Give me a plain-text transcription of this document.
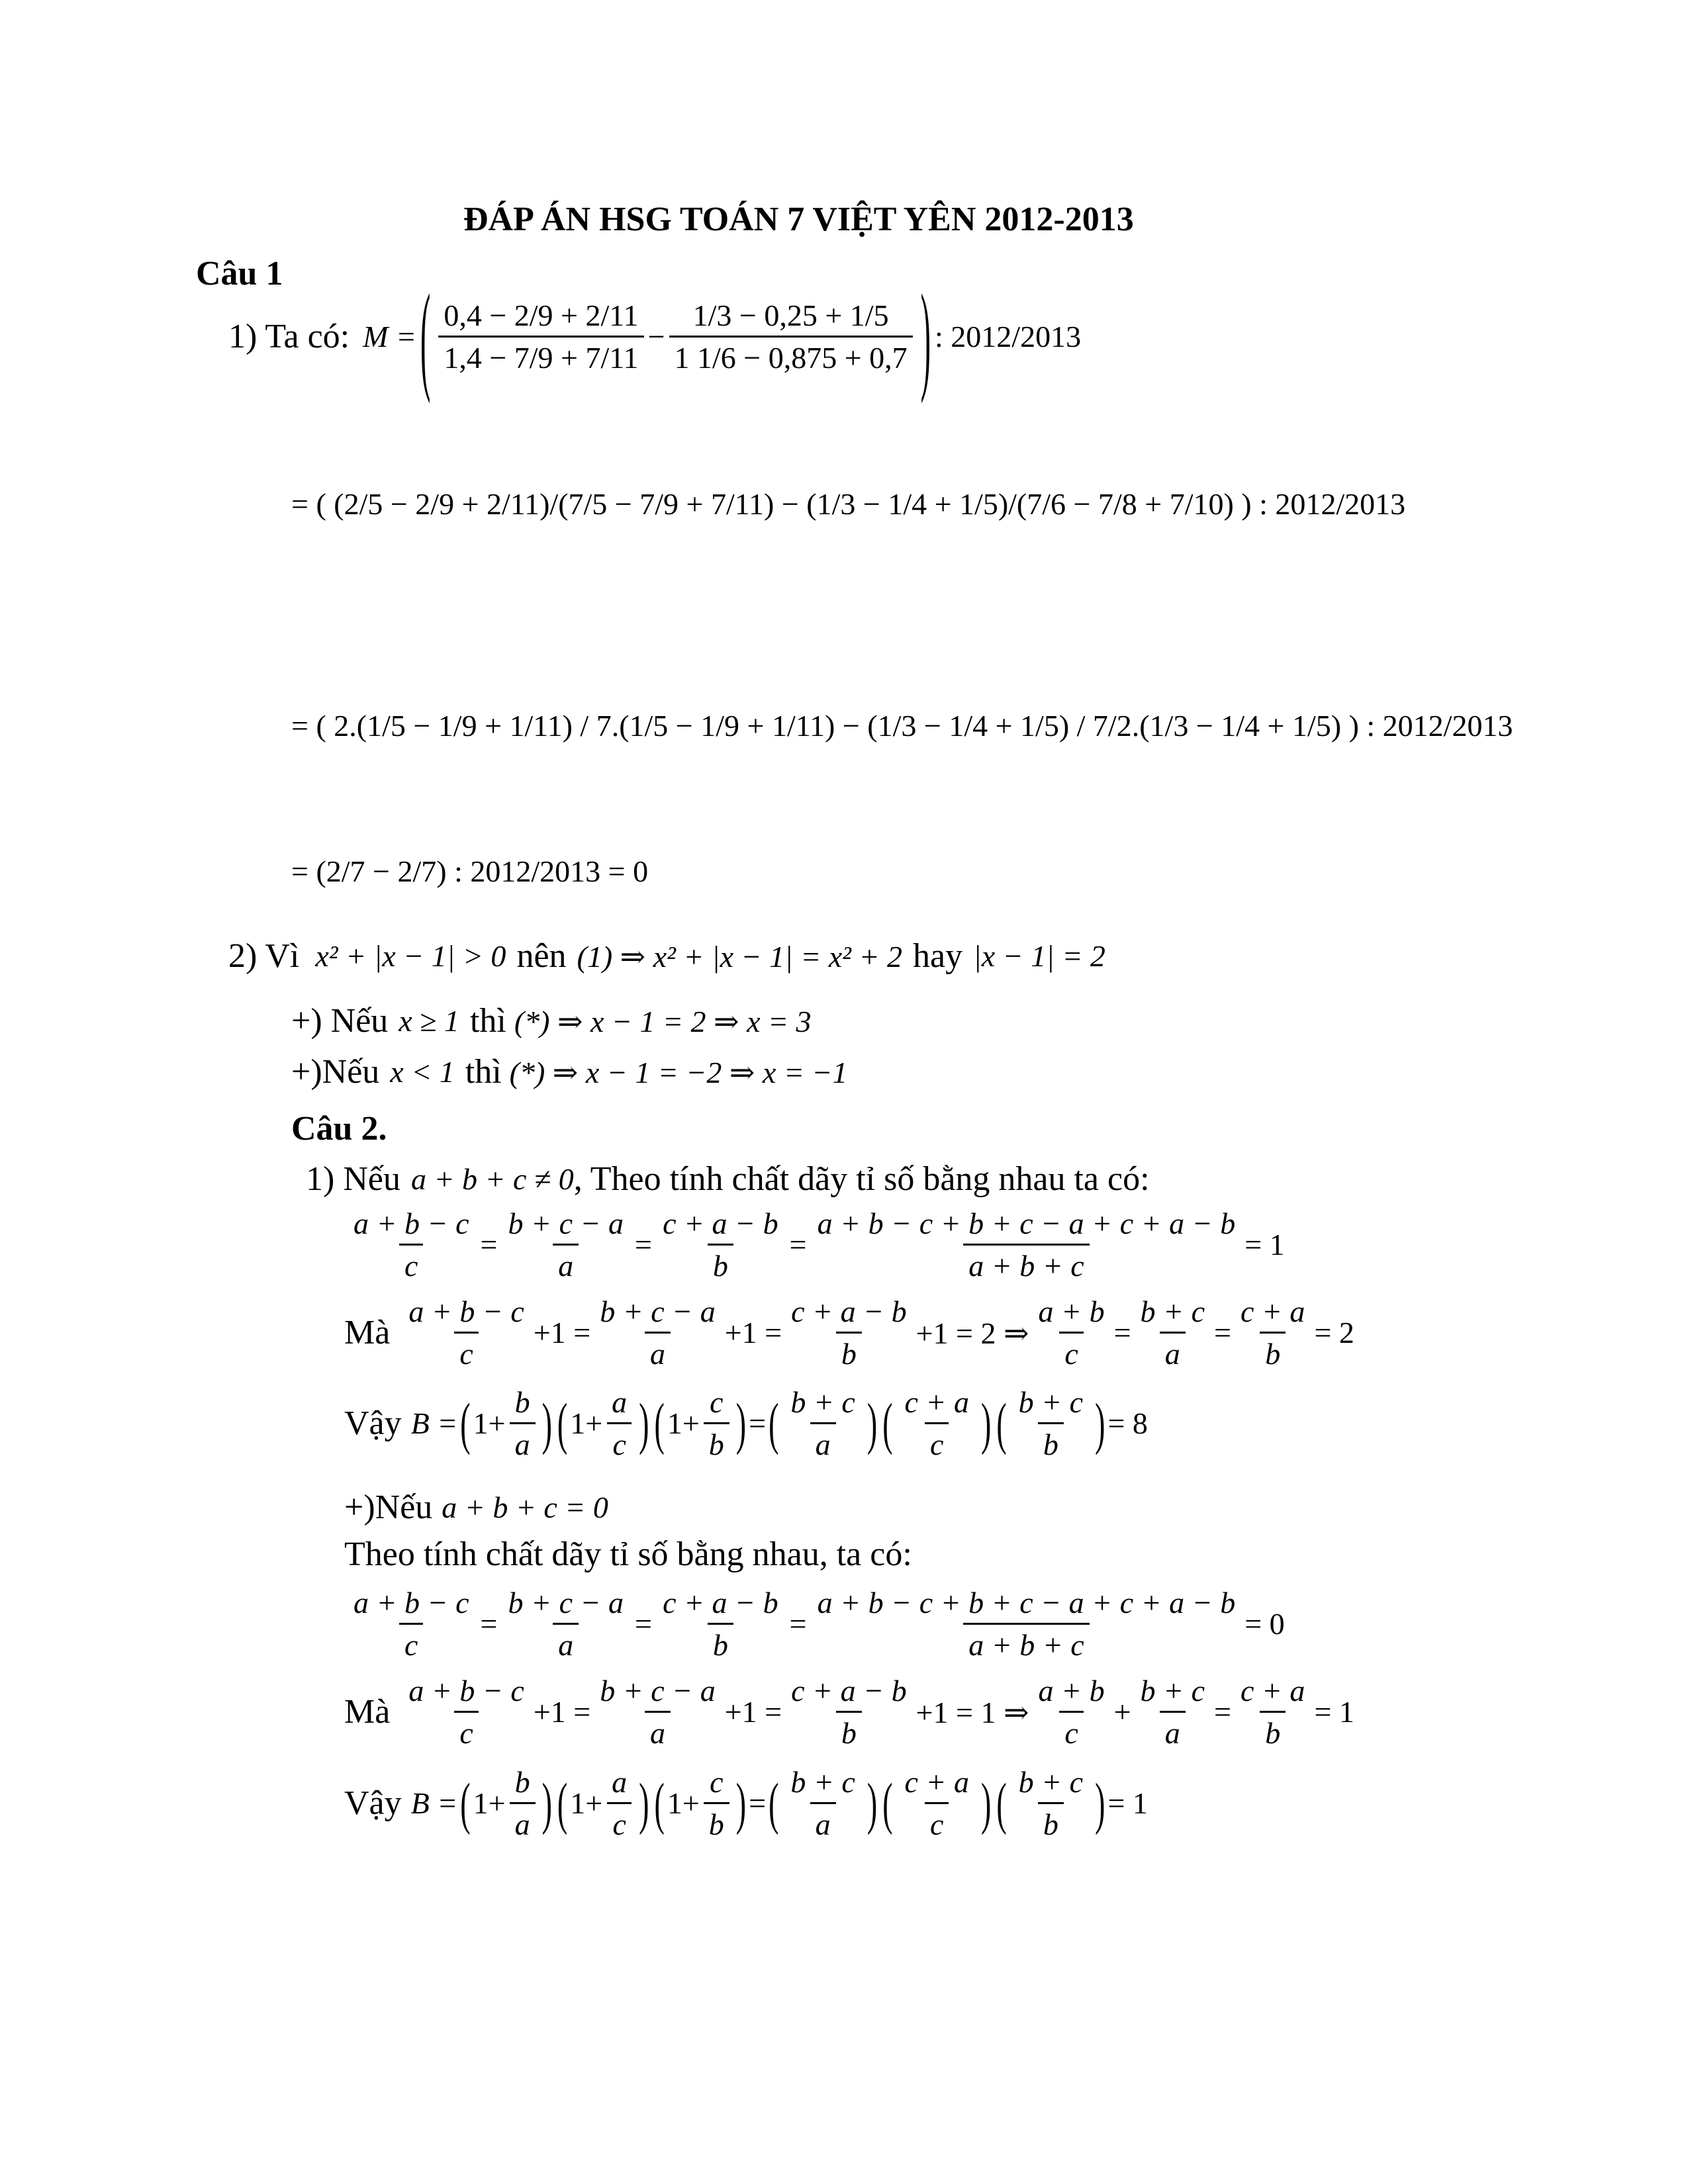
ĐÁP ÁN HSG TOÁN 7 VIỆT YÊN 2012-2013
Câu 1
1) Ta có: M = ( $\frac{0,4 - 2/9 + 2/11}{1,4 - 7/9 + 7/11} - \frac{1/3 - 0,25 + 1/5}{1 1/6 - 0,875 + 0,7}$ ) : 2012/2013
= ( (2/5 − 2/9 + 2/11)/(7/5 − 7/9 + 7/11) − (1/3 − 1/4 + 1/5)/(7/6 − 7/8 + 7/10) ) : 2012/2013
= ( 2.(1/5 − 1/9 + 1/11) / 7.(1/5 − 1/9 + 1/11) − (1/3 − 1/4 + 1/5) / 7/2.(1/3 − 1/4 + 1/5) ) : 2012/2013
= (2/7 − 2/7) : 2012/2013 = 0
2) Vì x² + |x − 1| > 0 nên (1) ⇒ x² + |x − 1| = x² + 2 hay |x − 1| = 2
+) Nếu x ≥ 1 thì (*) ⇒ x − 1 = 2 ⇒ x = 3
+)Nếu x < 1 thì (*) ⇒ x − 1 = −2 ⇒ x = −1
Câu 2.
1) Nếu a + b + c ≠ 0 , Theo tính chất dãy tỉ số bằng nhau ta có:
$\frac{a + b - c}{c} = \frac{b + c - a}{a} = \frac{c + a - b}{b} = \frac{a + b - c + b + c - a + c + a - b}{a + b + c} = 1$
Mà $\frac{a + b - c}{c} +1 = \frac{b + c - a}{a} +1 = \frac{c + a - b}{b} +1 = 2$ ⇒ $\frac{a + b}{c} = \frac{b + c}{a} = \frac{c + a}{b} = 2$
Vậy B = ( $1+ \frac{b}{a}$ ) ( $1+ \frac{a}{c}$ ) ( $1+ \frac{c}{b}$ ) = ( $\frac{b + c}{a}$ ) ( $\frac{c + a}{c}$ ) ( $\frac{b + c}{b}$ ) = 8
+)Nếu a + b + c = 0
Theo tính chất dãy tỉ số bằng nhau, ta có:
$\frac{a + b - c}{c} = \frac{b + c - a}{a} = \frac{c + a - b}{b} = \frac{a + b - c + b + c - a + c + a - b}{a + b + c} = 0$
Mà $\frac{a + b - c}{c} +1 = \frac{b + c - a}{a} +1 = \frac{c + a - b}{b} +1 = 1$ ⇒ $\frac{a + b}{c} + \frac{b + c}{a} = \frac{c + a}{b} = 1$
Vậy B = ( $1+ \frac{b}{a}$ ) ( $1+ \frac{a}{c}$ ) ( $1+ \frac{c}{b}$ ) = ( $\frac{b + c}{a}$ ) ( $\frac{c + a}{c}$ ) ( $\frac{b + c}{b}$ ) = 1
